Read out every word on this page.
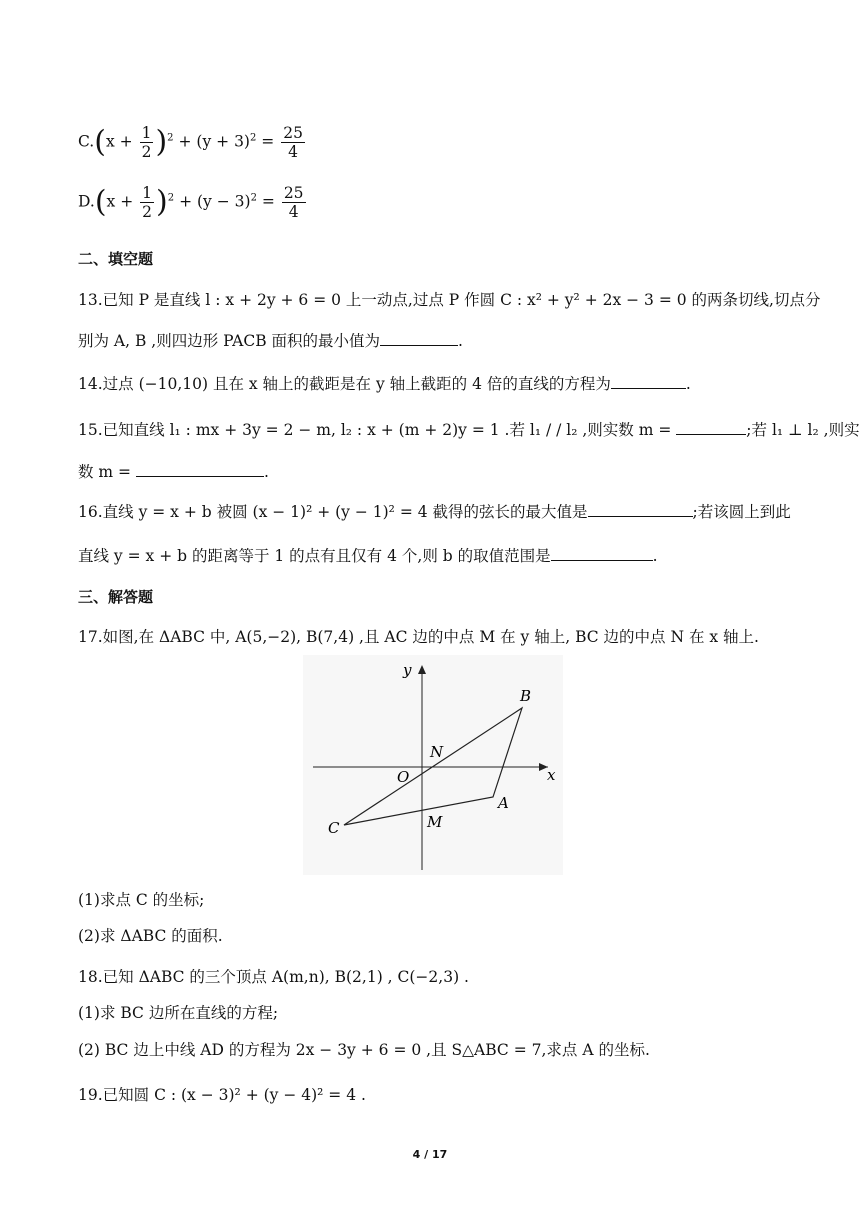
$C.(x + \frac{1}{2} )^2 + (y + 3)^2 = \frac{25}{4}$
$D.(x + \frac{1}{2} )^2 + (y - 3)^2 = \frac{25}{4}$
二、填空题
13.已知 P 是直线 l : x + 2y + 6 = 0 上一动点,过点 P 作圆 C : x² + y² + 2x − 3 = 0 的两条切线,切点分
别为 A, B ,则四边形 PACB 面积的最小值为	.
14.过点 (−10,10) 且在 x 轴上的截距是在 y 轴上截距的 4 倍的直线的方程为	.
15.已知直线 l₁ : mx + 3y = 2 − m, l₂ : x + (m + 2)y = 1 .若 l₁ / / l₂ ,则实数 m =	;若 l₁ ⊥ l₂ ,则实
数 m =	.
16.直线 y = x + b 被圆 (x − 1)² + (y − 1)² = 4 截得的弦长的最大值是	;若该圆上到此
直线 y = x + b 的距离等于 1 的点有且仅有 4 个,则 b 的取值范围是	.
三、解答题
17.如图,在 ΔABC 中, A(5,−2), B(7,4) ,且 AC 边的中点 M 在 y 轴上, BC 边的中点 N 在 x 轴上.
y
x
O
N
B
A
M
C
(1)求点 C 的坐标;
(2)求 ΔABC 的面积.
18.已知 ΔABC 的三个顶点 A(m,n), B(2,1) , C(−2,3) .
(1)求 BC 边所在直线的方程;
(2) BC 边上中线 AD 的方程为 2x − 3y + 6 = 0 ,且 S△ABC = 7,求点 A 的坐标.
19.已知圆 C : (x − 3)² + (y − 4)² = 4 .
4 / 17
